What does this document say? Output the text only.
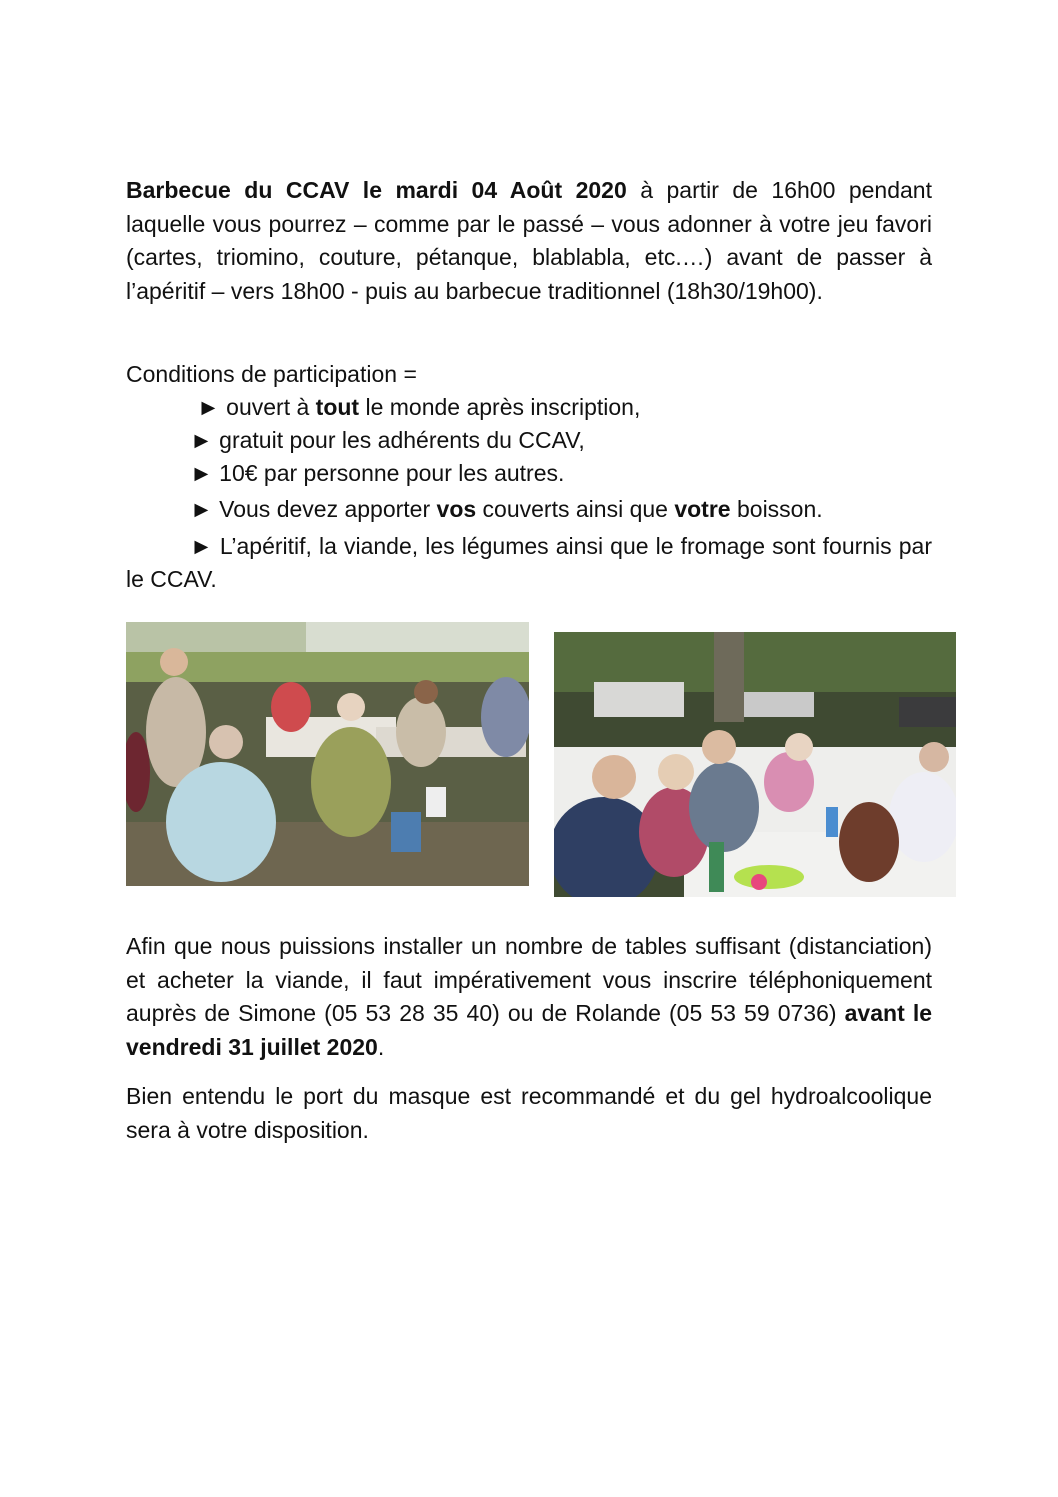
Barbecue du CCAV le mardi 04 Août 2020 à partir de 16h00 pendant laquelle vous pourrez – comme par le passé – vous adonner à votre jeu favori (cartes, triomino, couture, pétanque, blablabla, etc.…) avant de passer à l’apéritif – vers 18h00 - puis au barbecue traditionnel (18h30/19h00).

Conditions de participation =
► ouvert à tout le monde après inscription,
► gratuit pour les adhérents du CCAV,
► 10€ par personne pour les autres.
► Vous devez apporter vos couverts ainsi que votre boisson.

► L’apéritif, la viande, les légumes ainsi que le fromage sont fournis par le CCAV.

Afin que nous puissions installer un nombre de tables suffisant (distanciation) et acheter la viande, il faut impérativement vous inscrire téléphoniquement auprès de Simone (05 53 28 35 40) ou de Rolande (05 53 59 0736) avant le vendredi 31 juillet 2020.

Bien entendu le port du masque est recommandé et du gel hydroalcoolique sera à votre disposition.
